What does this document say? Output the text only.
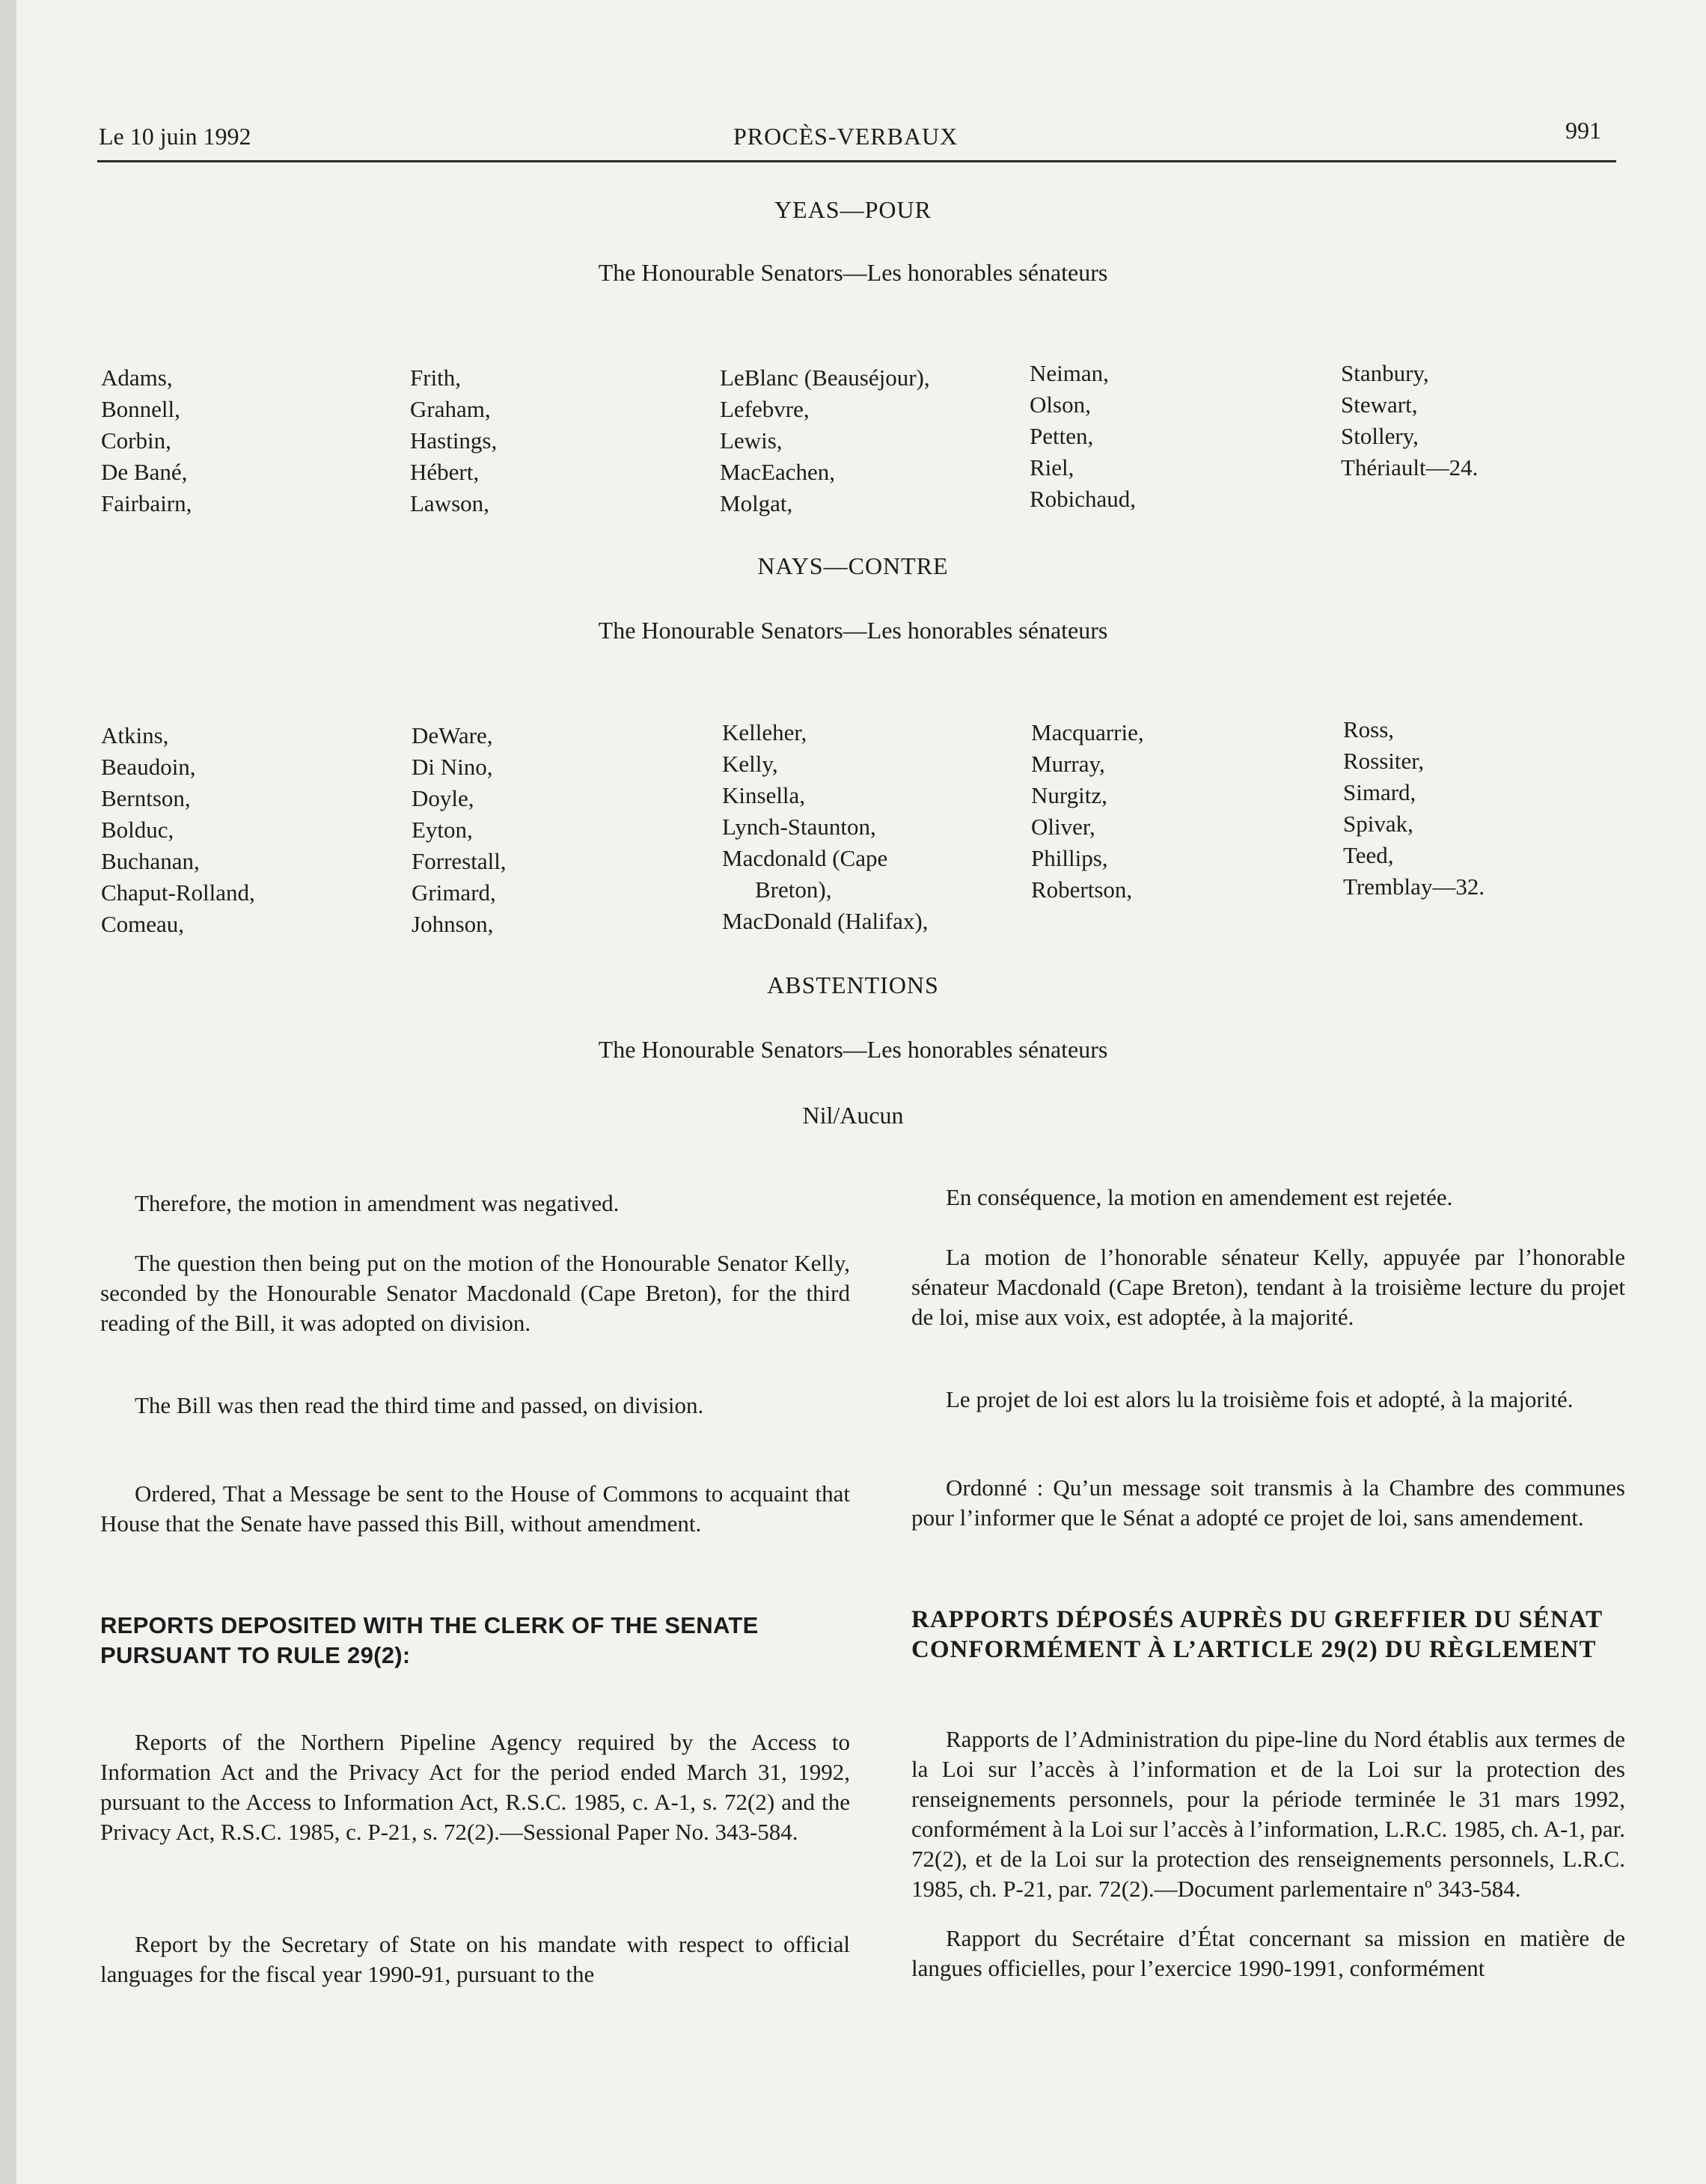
Le 10 juin 1992	PROCÈS-VERBAUX	991
YEAS—POUR
The Honourable Senators—Les honorables sénateurs
Adams,
Bonnell,
Corbin,
De Bané,
Fairbairn,
Frith,
Graham,
Hastings,
Hébert,
Lawson,
LeBlanc (Beauséjour),
Lefebvre,
Lewis,
MacEachen,
Molgat,
Neiman,
Olson,
Petten,
Riel,
Robichaud,
Stanbury,
Stewart,
Stollery,
Thériault—24.
NAYS—CONTRE
The Honourable Senators—Les honorables sénateurs
Atkins,
Beaudoin,
Berntson,
Bolduc,
Buchanan,
Chaput-Rolland,
Comeau,
DeWare,
Di Nino,
Doyle,
Eyton,
Forrestall,
Grimard,
Johnson,
Kelleher,
Kelly,
Kinsella,
Lynch-Staunton,
Macdonald (Cape
Breton),
MacDonald (Halifax),
Macquarrie,
Murray,
Nurgitz,
Oliver,
Phillips,
Robertson,
Ross,
Rossiter,
Simard,
Spivak,
Teed,
Tremblay—32.
ABSTENTIONS
The Honourable Senators—Les honorables sénateurs
Nil/Aucun
Therefore, the motion in amendment was negatived.
The question then being put on the motion of the Honourable Senator Kelly, seconded by the Honourable Senator Macdonald (Cape Breton), for the third reading of the Bill, it was adopted on division.
The Bill was then read the third time and passed, on division.
Ordered, That a Message be sent to the House of Commons to acquaint that House that the Senate have passed this Bill, without amendment.
REPORTS DEPOSITED WITH THE CLERK OF THE SENATE PURSUANT TO RULE 29(2):
Reports of the Northern Pipeline Agency required by the Access to Information Act and the Privacy Act for the period ended March 31, 1992, pursuant to the Access to Information Act, R.S.C. 1985, c. A-1, s. 72(2) and the Privacy Act, R.S.C. 1985, c. P-21, s. 72(2).—Sessional Paper No. 343-584.
Report by the Secretary of State on his mandate with respect to official languages for the fiscal year 1990-91, pursuant to the
En conséquence, la motion en amendement est rejetée.
La motion de l’honorable sénateur Kelly, appuyée par l’honorable sénateur Macdonald (Cape Breton), tendant à la troisième lecture du projet de loi, mise aux voix, est adoptée, à la majorité.
Le projet de loi est alors lu la troisième fois et adopté, à la majorité.
Ordonné : Qu’un message soit transmis à la Chambre des communes pour l’informer que le Sénat a adopté ce projet de loi, sans amendement.
RAPPORTS DÉPOSÉS AUPRÈS DU GREFFIER DU SÉNAT CONFORMÉMENT À L’ARTICLE 29(2) DU RÈGLEMENT
Rapports de l’Administration du pipe-line du Nord établis aux termes de la Loi sur l’accès à l’information et de la Loi sur la protection des renseignements personnels, pour la période terminée le 31 mars 1992, conformément à la Loi sur l’accès à l’information, L.R.C. 1985, ch. A-1, par. 72(2), et de la Loi sur la protection des renseignements personnels, L.R.C. 1985, ch. P-21, par. 72(2).—Document parlementaire nº 343-584.
Rapport du Secrétaire d’État concernant sa mission en matière de langues officielles, pour l’exercice 1990-1991, conformément
